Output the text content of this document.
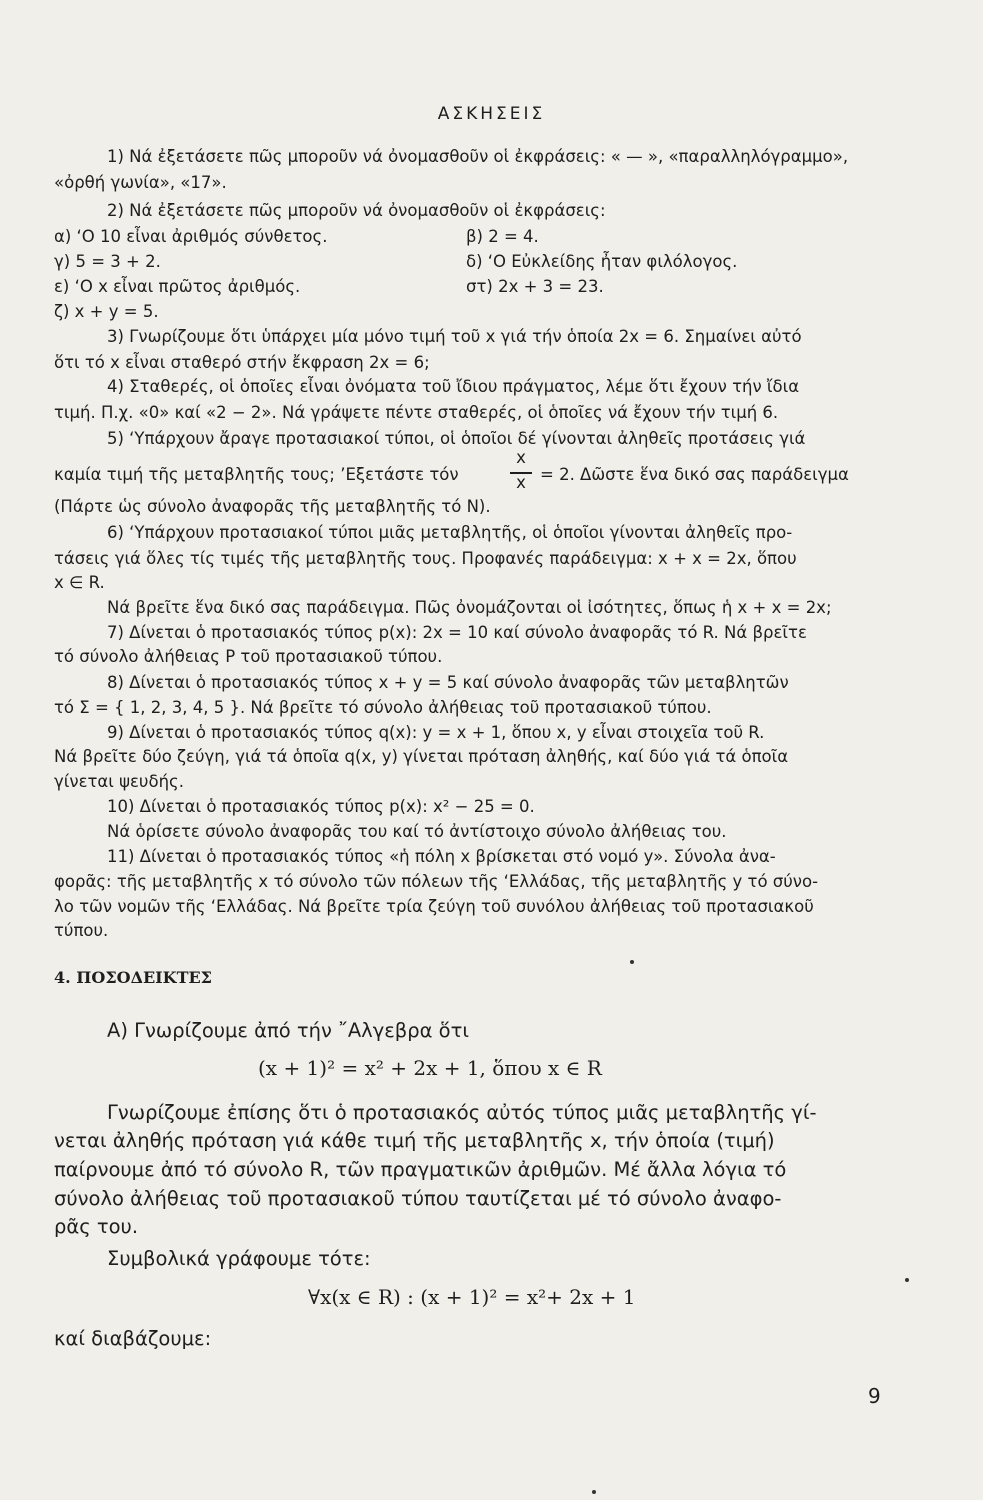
ΑΣΚΗΣΕΙΣ
1) Νά ἐξετάσετε πῶς μποροῦν νά ὀνομασθοῦν οἱ ἐκφράσεις: « — », «παραλληλόγραμμο»,
«ὀρθή γωνία», «17».
2) Νά ἐξετάσετε πῶς μποροῦν νά ὀνομασθοῦν οἱ ἐκφράσεις:
α) ‘Ο 10 εἶναι ἀριθμός σύνθετος.	β) 2 = 4.
γ) 5 = 3 + 2.	δ) ‘Ο Εὐκλείδης ἦταν φιλόλογος.
ε) ‘Ο x εἶναι πρῶτος ἀριθμός.	στ) 2x + 3 = 23.
ζ) x + y = 5.
3) Γνωρίζουμε ὅτι ὑπάρχει μία μόνο τιμή τοῦ x γιά τήν ὁποία 2x = 6. Σημαίνει αὐτό
ὅτι τό x εἶναι σταθερό στήν ἔκφραση 2x = 6;
4) Σταθερές, οἱ ὁποῖες εἶναι ὀνόματα τοῦ ἴδιου πράγματος, λέμε ὅτι ἔχουν τήν ἴδια
τιμή. Π.χ. «0» καί «2 − 2». Νά γράψετε πέντε σταθερές, οἱ ὁποῖες νά ἔχουν τήν τιμή 6.
5) ‘Υπάρχουν ἄραγε προτασιακοί τύποι, οἱ ὁποῖοι δέ γίνονται ἀληθεῖς προτάσεις γιά
καμία τιμή τῆς μεταβλητῆς τους; ’Εξετάστε τόν
x
x = 2. Δῶστε ἕνα δικό σας παράδειγμα
(Πάρτε ὡς σύνολο ἀναφορᾶς τῆς μεταβλητῆς τό N).
6) ‘Υπάρχουν προτασιακοί τύποι μιᾶς μεταβλητῆς, οἱ ὁποῖοι γίνονται ἀληθεῖς προ-
τάσεις γιά ὅλες τίς τιμές τῆς μεταβλητῆς τους. Προφανές παράδειγμα: x + x = 2x, ὅπου
x ∈ R.
Νά βρεῖτε ἕνα δικό σας παράδειγμα. Πῶς ὀνομάζονται οἱ ἰσότητες, ὅπως ἡ x + x = 2x;
7) Δίνεται ὁ προτασιακός τύπος p(x): 2x = 10 καί σύνολο ἀναφορᾶς τό R. Νά βρεῖτε
τό σύνολο ἀλήθειας P τοῦ προτασιακοῦ τύπου.
8) Δίνεται ὁ προτασιακός τύπος x + y = 5 καί σύνολο ἀναφορᾶς τῶν μεταβλητῶν
τό Σ = { 1, 2, 3, 4, 5 }. Νά βρεῖτε τό σύνολο ἀλήθειας τοῦ προτασιακοῦ τύπου.
9) Δίνεται ὁ προτασιακός τύπος q(x): y = x + 1, ὅπου x, y εἶναι στοιχεῖα τοῦ R.
Νά βρεῖτε δύο ζεύγη, γιά τά ὁποῖα q(x, y) γίνεται πρόταση ἀληθής, καί δύο γιά τά ὁποῖα
γίνεται ψευδής.
10) Δίνεται ὁ προτασιακός τύπος p(x): x² − 25 = 0.
Νά ὁρίσετε σύνολο ἀναφορᾶς του καί τό ἀντίστοιχο σύνολο ἀλήθειας του.
11) Δίνεται ὁ προτασιακός τύπος «ἡ πόλη x βρίσκεται στό νομό y». Σύνολα ἀνα-
φορᾶς: τῆς μεταβλητῆς x τό σύνολο τῶν πόλεων τῆς ‘Ελλάδας, τῆς μεταβλητῆς y τό σύνο-
λο τῶν νομῶν τῆς ‘Ελλάδας. Νά βρεῖτε τρία ζεύγη τοῦ συνόλου ἀλήθειας τοῦ προτασιακοῦ
τύπου.
4. ΠΟΣΟΔΕΙΚΤΕΣ
Α) Γνωρίζουμε ἀπό τήν ῎Αλγεβρα ὅτι
(x + 1)² = x² + 2x + 1, ὅπου x ∈ R
Γνωρίζουμε ἐπίσης ὅτι ὁ προτασιακός αὐτός τύπος μιᾶς μεταβλητῆς γί-
νεται ἀληθής πρόταση γιά κάθε τιμή τῆς μεταβλητῆς x, τήν ὁποία (τιμή)
παίρνουμε ἀπό τό σύνολο R, τῶν πραγματικῶν ἀριθμῶν. Μέ ἄλλα λόγια τό
σύνολο ἀλήθειας τοῦ προτασιακοῦ τύπου ταυτίζεται μέ τό σύνολο ἀναφο-
ρᾶς του.
Συμβολικά γράφουμε τότε:
∀x(x ∈ R) : (x + 1)² = x²+ 2x + 1
καί διαβάζουμε:
9
